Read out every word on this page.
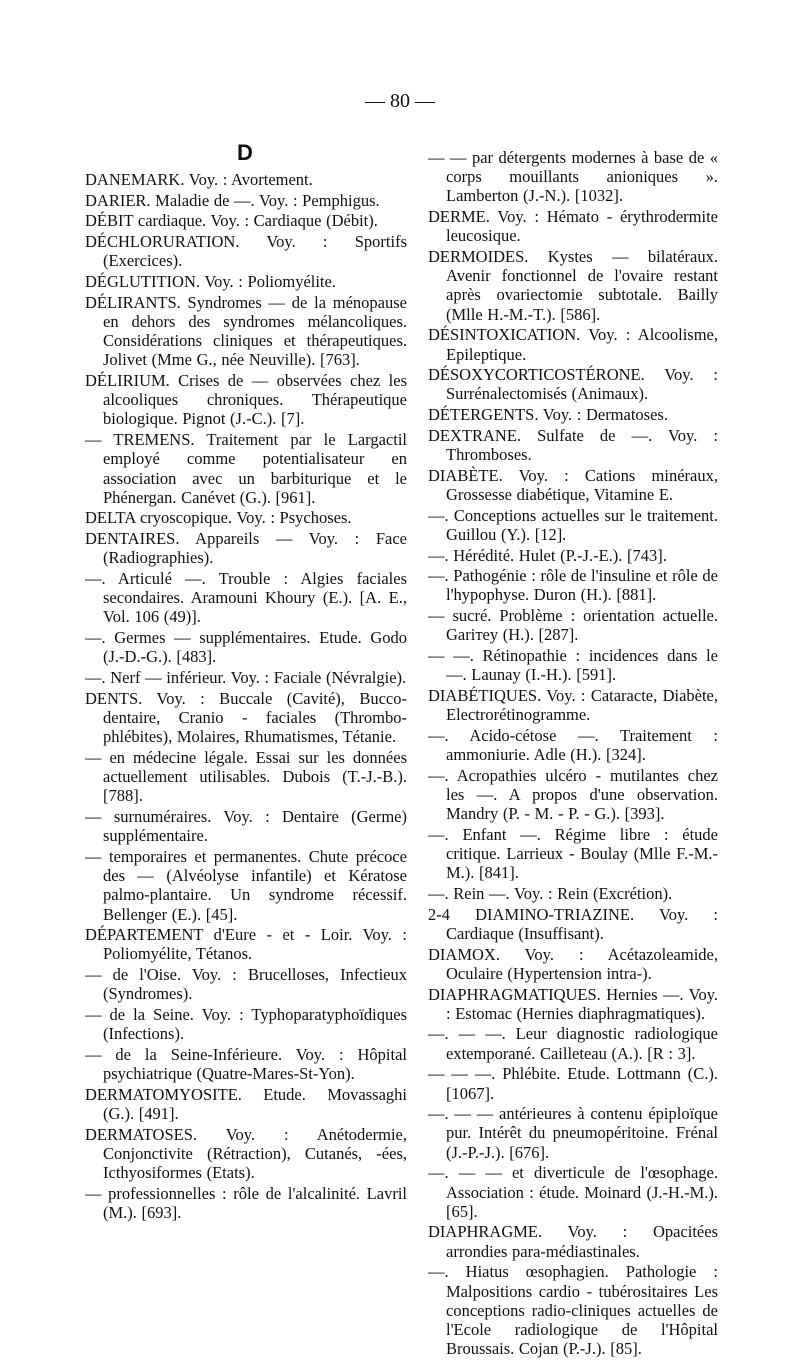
— 80 —
D

DANEMARK. Voy. : Avortement.

DARIER. Maladie de —. Voy. : Pemphigus.

DÉBIT cardiaque. Voy. : Cardiaque (Débit).

DÉCHLORURATION. Voy. : Sportifs (Exercices).

DÉGLUTITION. Voy. : Poliomyélite.

DÉLIRANTS. Syndromes — de la ménopause en dehors des syndromes mélancoliques. Considérations cliniques et thérapeutiques. Jolivet (Mme G., née Neuville). [763].

DÉLIRIUM. Crises de — observées chez les alcooliques chroniques. Thérapeutique biologique. Pignot (J.-C.). [7].

— TREMENS. Traitement par le Largactil employé comme potentialisateur en association avec un barbiturique et le Phénergan. Canévet (G.). [961].

DELTA cryoscopique. Voy. : Psychoses.

DENTAIRES. Appareils — Voy. : Face (Radiographies).

—. Articulé —. Trouble : Algies faciales secondaires. Aramouni Khoury (E.). [A. E., Vol. 106 (49)].

—. Germes — supplémentaires. Etude. Godo (J.-D.-G.). [483].

—. Nerf — inférieur. Voy. : Faciale (Névralgie).

DENTS. Voy. : Buccale (Cavité), Bucco-dentaire, Cranio - faciales (Thrombo-phlébites), Molaires, Rhumatismes, Tétanie.

— en médecine légale. Essai sur les données actuellement utilisables. Dubois (T.-J.-B.). [788].

— surnuméraires. Voy. : Dentaire (Germe) supplémentaire.

— temporaires et permanentes. Chute précoce des — (Alvéolyse infantile) et Kératose palmo-plantaire. Un syndrome récessif. Bellenger (E.). [45].

DÉPARTEMENT d'Eure - et - Loir. Voy. : Poliomyélite, Tétanos.

— de l'Oise. Voy. : Brucelloses, Infectieux (Syndromes).

— de la Seine. Voy. : Typhoparatyphoïdiques (Infections).

— de la Seine-Inférieure. Voy. : Hôpital psychiatrique (Quatre-Mares-St-Yon).

DERMATOMYOSITE. Etude. Movassaghi (G.). [491].

DERMATOSES. Voy. : Anétodermie, Conjonctivite (Rétraction), Cutanés, -ées, Icthyosiformes (Etats).

— professionnelles : rôle de l'alcalinité. Lavril (M.). [693].

— — par détergents modernes à base de « corps mouillants anioniques ». Lamberton (J.-N.). [1032].

DERME. Voy. : Hémato - érythrodermite leucosique.

DERMOIDES. Kystes — bilatéraux. Avenir fonctionnel de l'ovaire restant après ovariectomie subtotale. Bailly (Mlle H.-M.-T.). [586].

DÉSINTOXICATION. Voy. : Alcoolisme, Epileptique.

DÉSOXYCORTICOSTÉRONE. Voy. : Surrénalectomisés (Animaux).

DÉTERGENTS. Voy. : Dermatoses.

DEXTRANE. Sulfate de —. Voy. : Thromboses.

DIABÈTE. Voy. : Cations minéraux, Grossesse diabétique, Vitamine E.

—. Conceptions actuelles sur le traitement. Guillou (Y.). [12].

—. Hérédité. Hulet (P.-J.-E.). [743].

—. Pathogénie : rôle de l'insuline et rôle de l'hypophyse. Duron (H.). [881].

— sucré. Problème : orientation actuelle. Gariтey (H.). [287].

— —. Rétinopathie : incidences dans le —. Launay (I.-H.). [591].

DIABÉTIQUES. Voy. : Cataracte, Diabète, Electrorétinogramme.

—. Acido-cétose —. Traitement : ammoniurie. Adle (H.). [324].

—. Acropathies ulcéro - mutilantes chez les —. A propos d'une observation. Mandry (P. - M. - P. - G.). [393].

—. Enfant —. Régime libre : étude critique. Larrieux - Boulay (Mlle F.-M.-M.). [841].

—. Rein —. Voy. : Rein (Excrétion).

2-4 DIAMINO-TRIAZINE. Voy. : Cardiaque (Insuffisant).

DIAMOX. Voy. : Acétazoleamide, Oculaire (Hypertension intra-).

DIAPHRAGMATIQUES. Hernies —. Voy. : Estomac (Hernies diaphragmatiques).

—. — —. Leur diagnostic radiologique extemporané. Cailleteau (A.). [R : 3].

— — —. Phlébite. Etude. Lottmann (C.). [1067].

—. — — antérieures à contenu épiploïque pur. Intérêt du pneumopéritoine. Frénal (J.-P.-J.). [676].

—. — — et diverticule de l'œsophage. Association : étude. Moinard (J.-H.-M.). [65].

DIAPHRAGME. Voy. : Opacitées arrondies para-médiastinales.

—. Hiatus œsophagien. Pathologie : Malpositions cardio - tubérositaires Les conceptions radio-cliniques actuelles de l'Ecole radiologique de l'Hôpital Broussais. Cojan (P.-J.). [85].
